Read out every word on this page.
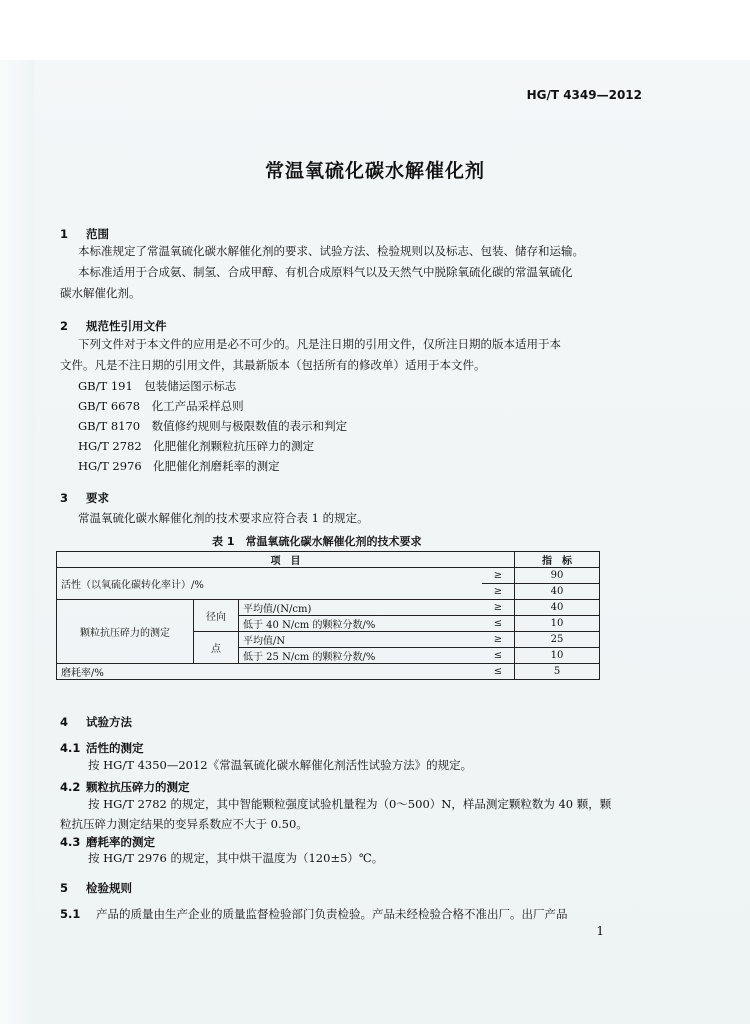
HG/T 4349—2012
常温氧硫化碳水解催化剂
1 范围
本标准规定了常温氧硫化碳水解催化剂的要求、试验方法、检验规则以及标志、包装、储存和运输。
本标准适用于合成氨、制氢、合成甲醇、有机合成原料气以及天然气中脱除氧硫化碳的常温氧硫化
碳水解催化剂。
2 规范性引用文件
下列文件对于本文件的应用是必不可少的。凡是注日期的引用文件，仅所注日期的版本适用于本
文件。凡是不注日期的引用文件，其最新版本（包括所有的修改单）适用于本文件。
GB/T 191　包装储运图示标志
GB/T 6678　化工产品采样总则
GB/T 8170　数值修约规则与极限数值的表示和判定
HG/T 2782　化肥催化剂颗粒抗压碎力的测定
HG/T 2976　化肥催化剂磨耗率的测定
3 要求
常温氧硫化碳水解催化剂的技术要求应符合表 1 的规定。
表 1　常温氧硫化碳水解催化剂的技术要求
项　目				指　标
活性（以氧硫化碳转化率计）/%			≥	90
			≥	40
颗粒抗压碎力的测定	径向	平均值/(N/cm)	≥	40
		低于 40 N/cm 的颗粒分数/%	≤	10
	点	平均值/N	≥	25
		低于 25 N/cm 的颗粒分数/%	≤	10
磨耗率/%			≤	5
4 试验方法
4.1 活性的测定
按 HG/T 4350—2012《常温氧硫化碳水解催化剂活性试验方法》的规定。
4.2 颗粒抗压碎力的测定
按 HG/T 2782 的规定，其中智能颗粒强度试验机量程为（0～500）N，样品测定颗粒数为 40 颗，颗
粒抗压碎力测定结果的变异系数应不大于 0.50。
4.3 磨耗率的测定
按 HG/T 2976 的规定，其中烘干温度为（120±5）℃。
5 检验规则
5.1 产品的质量由生产企业的质量监督检验部门负责检验。产品未经检验合格不准出厂。出厂产品
1
